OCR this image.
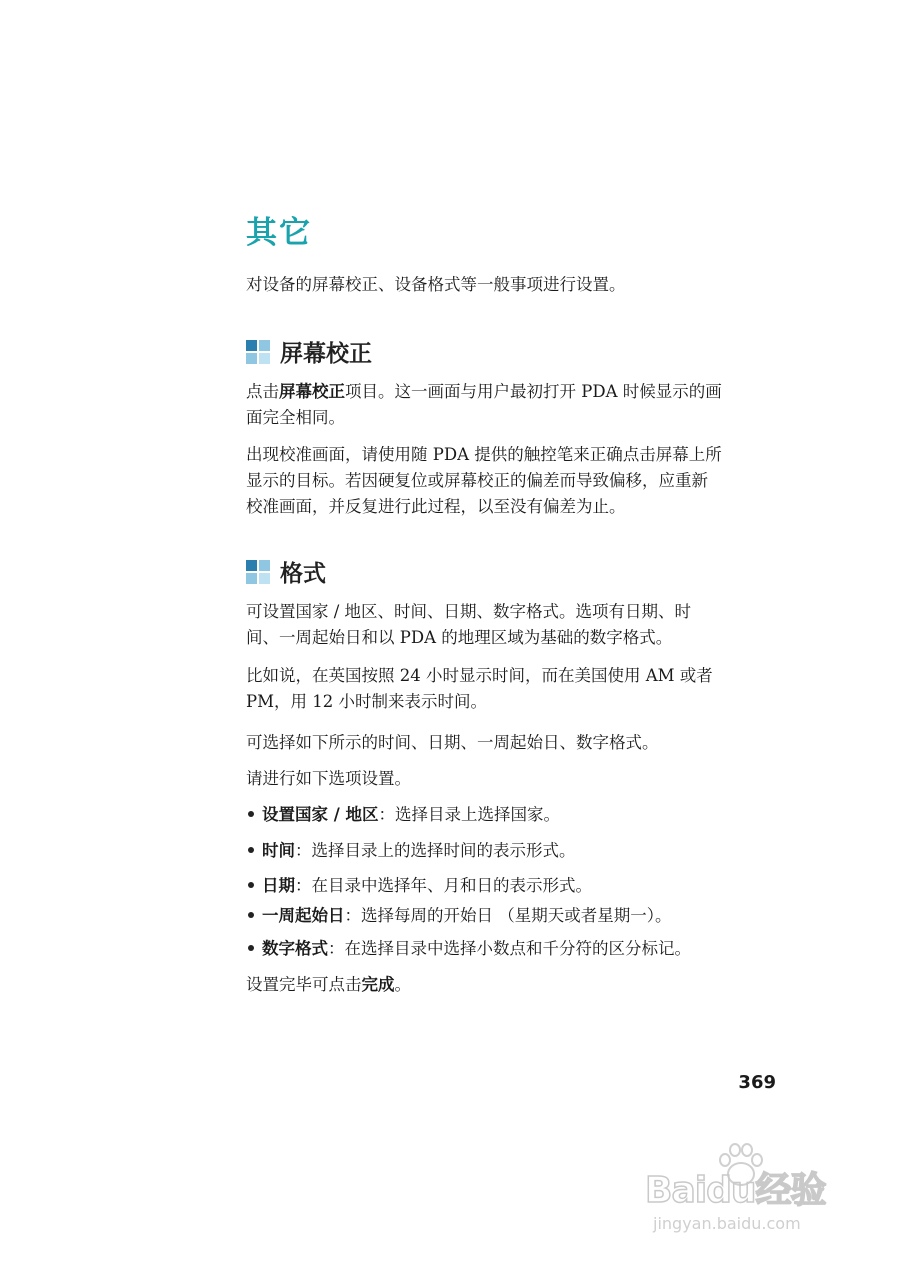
其它
对设备的屏幕校正、设备格式等一般事项进行设置。
屏幕校正
点击屏幕校正项目。这一画面与用户最初打开 PDA 时候显示的画
面完全相同。
出现校准画面，请使用随 PDA 提供的触控笔来正确点击屏幕上所
显示的目标。若因硬复位或屏幕校正的偏差而导致偏移，应重新
校准画面，并反复进行此过程，以至没有偏差为止。
格式
可设置国家 / 地区、时间、日期、数字格式。选项有日期、时
间、一周起始日和以 PDA 的地理区域为基础的数字格式。
比如说，在英国按照 24 小时显示时间，而在美国使用 AM 或者
PM，用 12 小时制来表示时间。
可选择如下所示的时间、日期、一周起始日、数字格式。
请进行如下选项设置。
设置国家 / 地区：选择目录上选择国家。
时间：选择目录上的选择时间的表示形式。
日期：在目录中选择年、月和日的表示形式。
一周起始日：选择每周的开始日 （星期天或者星期一）。
数字格式：在选择目录中选择小数点和千分符的区分标记。
设置完毕可点击完成。
369
Baidu经验
jingyan.baidu.com
